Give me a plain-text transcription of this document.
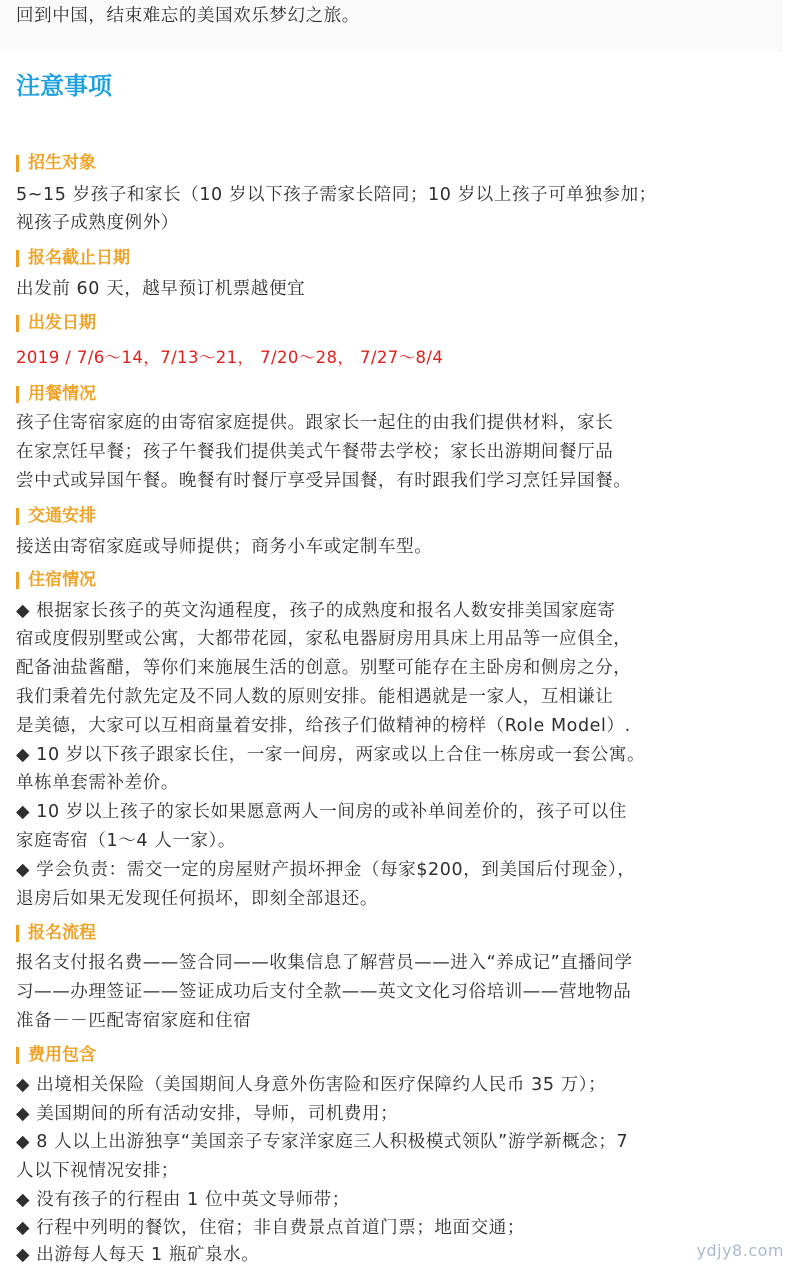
回到中国，结束难忘的美国欢乐梦幻之旅。

注意事项
招生对象

5~15 岁孩子和家长（10 岁以下孩子需家长陪同；10 岁以上孩子可单独参加；

视孩子成熟度例外）

报名截止日期

出发前 60 天，越早预订机票越便宜

出发日期

2019 / 7/6～14，7/13～21， 7/20～28， 7/27～8/4

用餐情况

孩子住寄宿家庭的由寄宿家庭提供。跟家长一起住的由我们提供材料，家长

在家烹饪早餐；孩子午餐我们提供美式午餐带去学校；家长出游期间餐厅品

尝中式或异国午餐。晚餐有时餐厅享受异国餐，有时跟我们学习烹饪异国餐。

交通安排

接送由寄宿家庭或导师提供；商务小车或定制车型。

住宿情况

◆ 根据家长孩子的英文沟通程度，孩子的成熟度和报名人数安排美国家庭寄

宿或度假别墅或公寓，大都带花园，家私电器厨房用具床上用品等一应俱全，

配备油盐酱醋，等你们来施展生活的创意。别墅可能存在主卧房和侧房之分，

我们秉着先付款先定及不同人数的原则安排。能相遇就是一家人，互相谦让

是美德，大家可以互相商量着安排，给孩子们做精神的榜样（Role Model）.

◆ 10 岁以下孩子跟家长住，一家一间房，两家或以上合住一栋房或一套公寓。

单栋单套需补差价。

◆ 10 岁以上孩子的家长如果愿意两人一间房的或补单间差价的，孩子可以住

家庭寄宿（1～4 人一家）。

◆ 学会负责：需交一定的房屋财产损坏押金（每家$200，到美国后付现金），

退房后如果无发现任何损坏，即刻全部退还。

报名流程

报名支付报名费——签合同——收集信息了解营员——进入“养成记”直播间学

习——办理签证——签证成功后支付全款——英文文化习俗培训——营地物品

准备－－匹配寄宿家庭和住宿

费用包含

◆ 出境相关保险（美国期间人身意外伤害险和医疗保障约人民币 35 万）；

◆ 美国期间的所有活动安排，导师，司机费用；

◆ 8 人以上出游独享“美国亲子专家洋家庭三人积极模式领队”游学新概念；7

人以下视情况安排；

◆ 没有孩子的行程由 1 位中英文导师带；

◆ 行程中列明的餐饮，住宿；非自费景点首道门票；地面交通；

◆ 出游每人每天 1 瓶矿泉水。	ydjy8.com
